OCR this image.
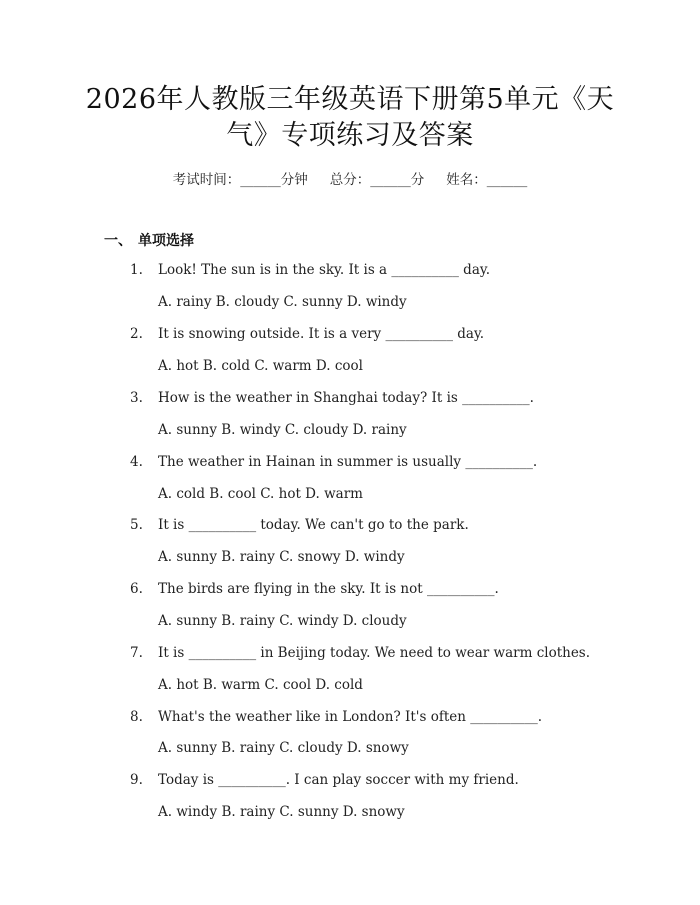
2026年人教版三年级英语下册第5单元《天
气》专项练习及答案
考试时间：______分钟 总分：______分 姓名：______
一、 单项选择
1. Look! The sun is in the sky. It is a __________ day.
A. rainy B. cloudy C. sunny D. windy
2. It is snowing outside. It is a very __________ day.
A. hot B. cold C. warm D. cool
3. How is the weather in Shanghai today? It is __________.
A. sunny B. windy C. cloudy D. rainy
4. The weather in Hainan in summer is usually __________.
A. cold B. cool C. hot D. warm
5. It is __________ today. We can't go to the park.
A. sunny B. rainy C. snowy D. windy
6. The birds are flying in the sky. It is not __________.
A. sunny B. rainy C. windy D. cloudy
7. It is __________ in Beijing today. We need to wear warm clothes.
A. hot B. warm C. cool D. cold
8. What's the weather like in London? It's often __________.
A. sunny B. rainy C. cloudy D. snowy
9. Today is __________. I can play soccer with my friend.
A. windy B. rainy C. sunny D. snowy
